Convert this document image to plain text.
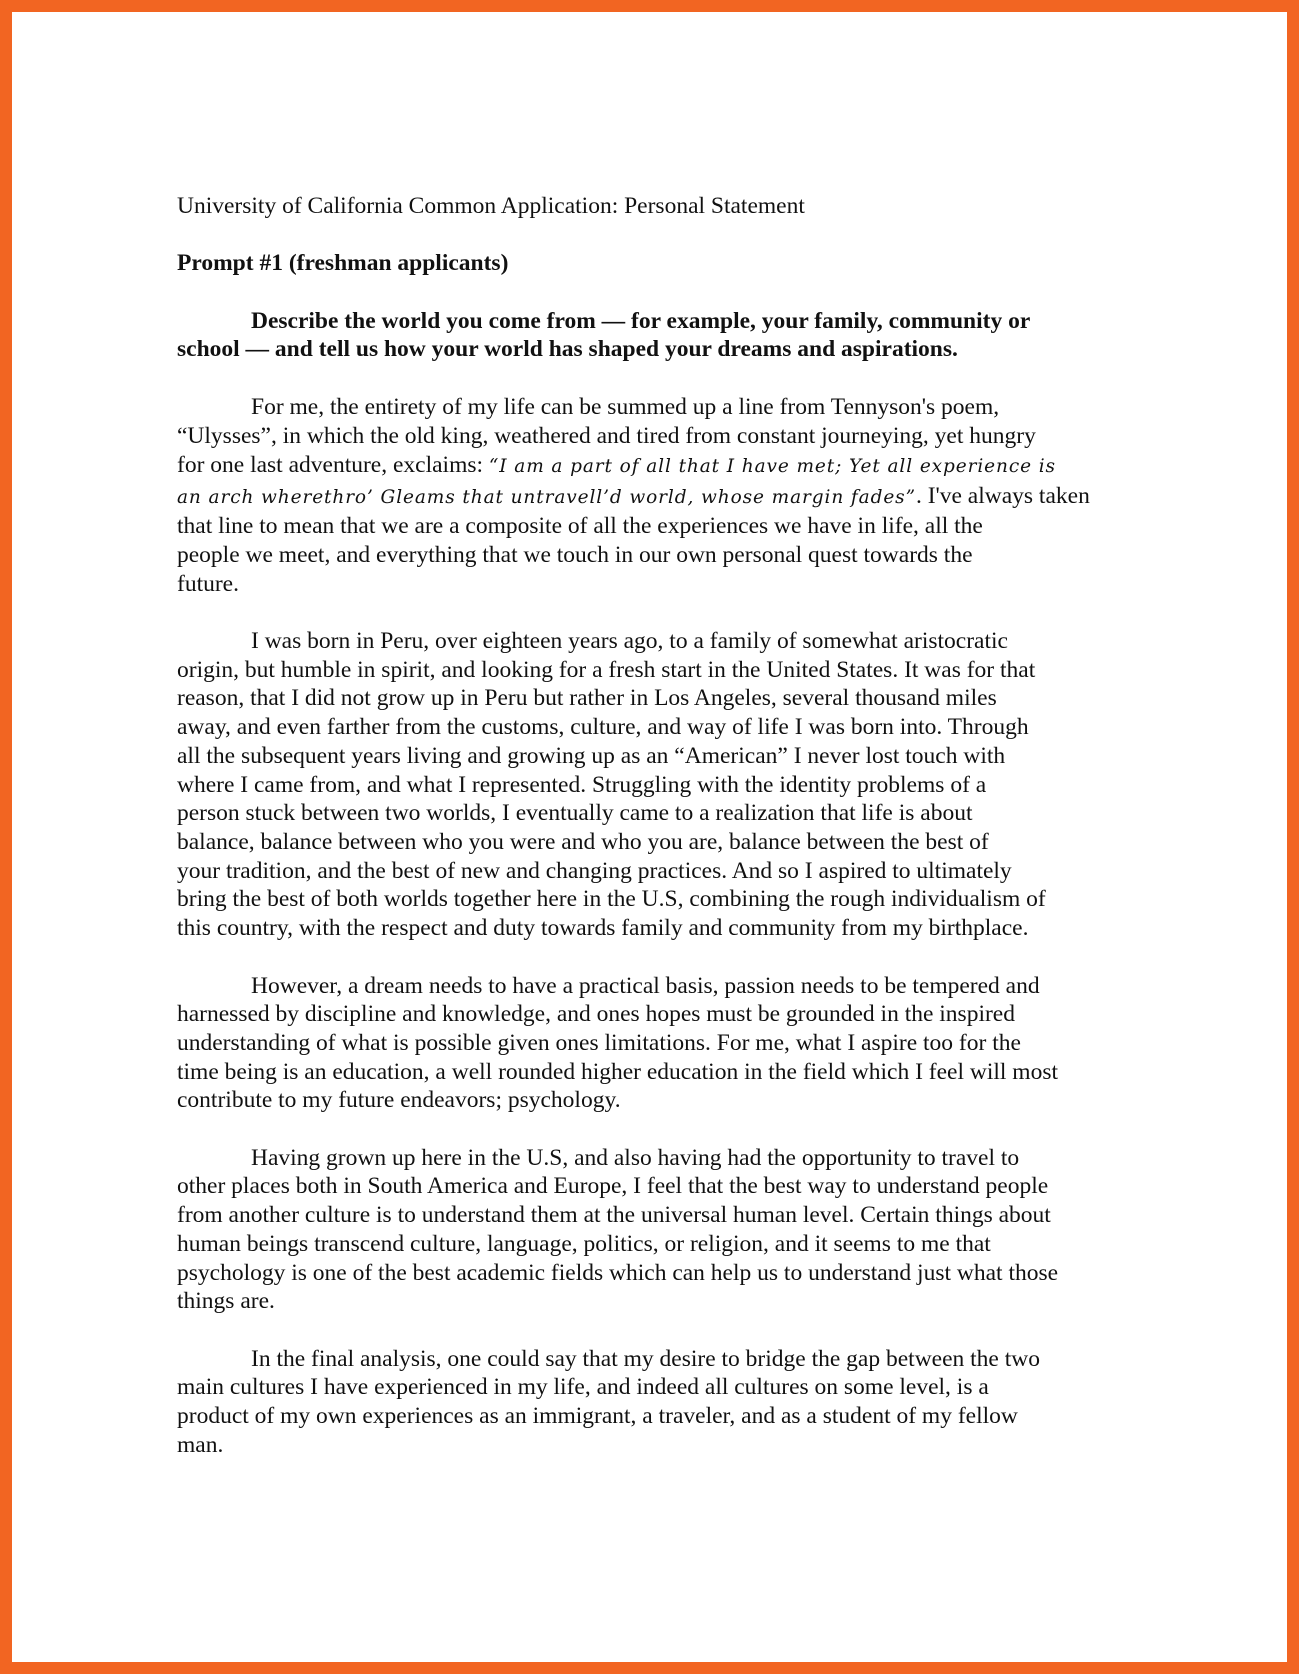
University of California Common Application: Personal Statement
Prompt #1 (freshman applicants)
Describe the world you come from — for example, your family, community or
school — and tell us how your world has shaped your dreams and aspirations.
For me, the entirety of my life can be summed up a line from Tennyson's poem,
“Ulysses”, in which the old king, weathered and tired from constant journeying, yet hungry
for one last adventure, exclaims: “I am a part of all that I have met; Yet all experience is
an arch wherethro’ Gleams that untravell’d world, whose margin fades”. I've always taken
that line to mean that we are a composite of all the experiences we have in life, all the
people we meet, and everything that we touch in our own personal quest towards the
future.
I was born in Peru, over eighteen years ago, to a family of somewhat aristocratic
origin, but humble in spirit, and looking for a fresh start in the United States. It was for that
reason, that I did not grow up in Peru but rather in Los Angeles, several thousand miles
away, and even farther from the customs, culture, and way of life I was born into. Through
all the subsequent years living and growing up as an “American” I never lost touch with
where I came from, and what I represented. Struggling with the identity problems of a
person stuck between two worlds, I eventually came to a realization that life is about
balance, balance between who you were and who you are, balance between the best of
your tradition, and the best of new and changing practices. And so I aspired to ultimately
bring the best of both worlds together here in the U.S, combining the rough individualism of
this country, with the respect and duty towards family and community from my birthplace.
However, a dream needs to have a practical basis, passion needs to be tempered and
harnessed by discipline and knowledge, and ones hopes must be grounded in the inspired
understanding of what is possible given ones limitations. For me, what I aspire too for the
time being is an education, a well rounded higher education in the field which I feel will most
contribute to my future endeavors; psychology.
Having grown up here in the U.S, and also having had the opportunity to travel to
other places both in South America and Europe, I feel that the best way to understand people
from another culture is to understand them at the universal human level. Certain things about
human beings transcend culture, language, politics, or religion, and it seems to me that
psychology is one of the best academic fields which can help us to understand just what those
things are.
In the final analysis, one could say that my desire to bridge the gap between the two
main cultures I have experienced in my life, and indeed all cultures on some level, is a
product of my own experiences as an immigrant, a traveler, and as a student of my fellow
man.
